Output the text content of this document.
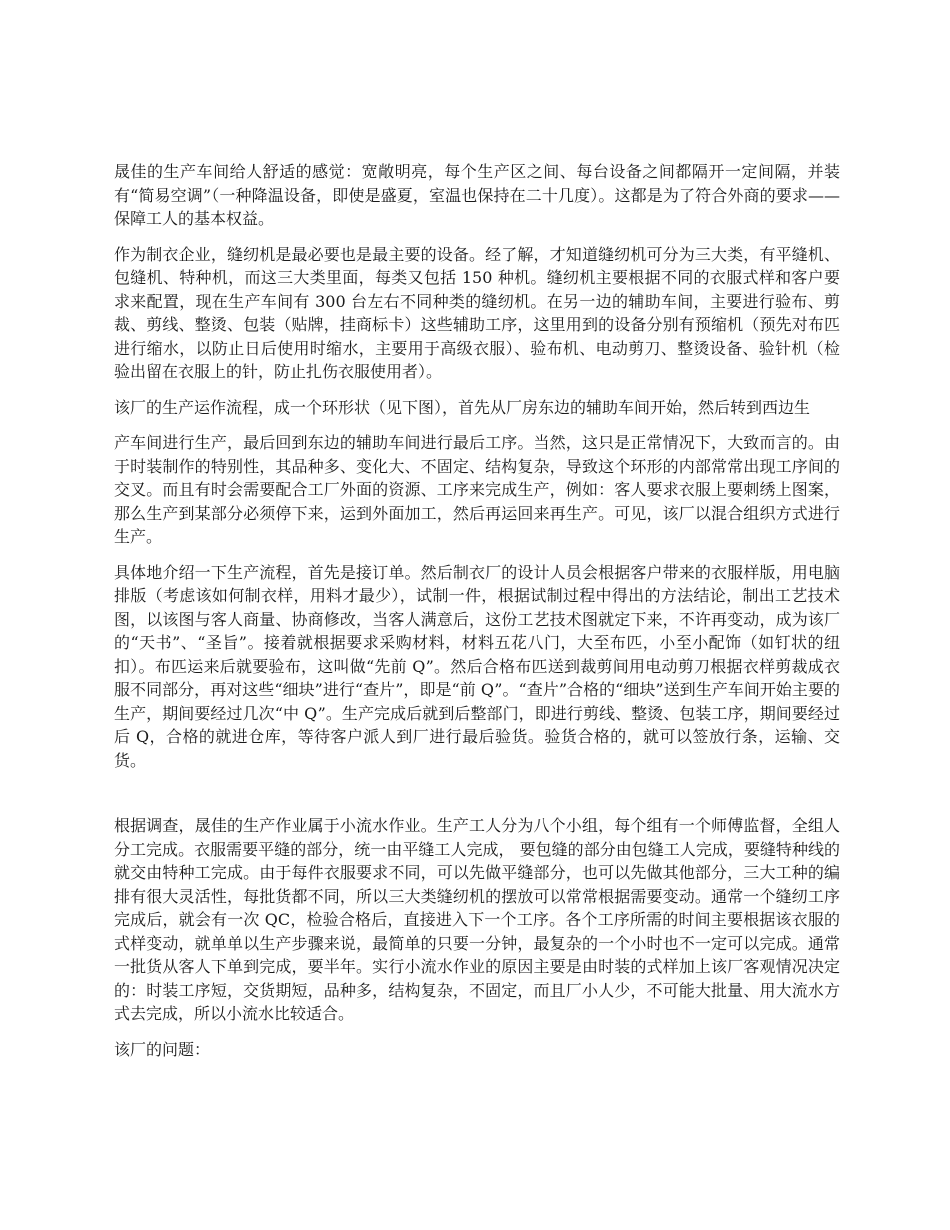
晟佳的生产车间给人舒适的感觉：宽敞明亮，每个生产区之间、每台设备之间都隔开一定间隔，并装有“简易空调”（一种降温设备，即使是盛夏，室温也保持在二十几度）。这都是为了符合外商的要求——保障工人的基本权益。

作为制衣企业，缝纫机是最必要也是最主要的设备。经了解，才知道缝纫机可分为三大类，有平缝机、包缝机、特种机，而这三大类里面，每类又包括 150 种机。缝纫机主要根据不同的衣服式样和客户要求来配置，现在生产车间有 300 台左右不同种类的缝纫机。在另一边的辅助车间，主要进行验布、剪裁、剪线、整烫、包装（贴牌，挂商标卡）这些辅助工序，这里用到的设备分别有预缩机（预先对布匹进行缩水，以防止日后使用时缩水，主要用于高级衣服）、验布机、电动剪刀、整烫设备、验针机（检验出留在衣服上的针，防止扎伤衣服使用者）。

该厂的生产运作流程，成一个环形状（见下图），首先从厂房东边的辅助车间开始，然后转到西边生

产车间进行生产，最后回到东边的辅助车间进行最后工序。当然，这只是正常情况下，大致而言的。由于时装制作的特别性，其品种多、变化大、不固定、结构复杂，导致这个环形的内部常常出现工序间的交叉。而且有时会需要配合工厂外面的资源、工序来完成生产，例如：客人要求衣服上要刺绣上图案，那么生产到某部分必须停下来，运到外面加工，然后再运回来再生产。可见，该厂以混合组织方式进行生产。

具体地介绍一下生产流程，首先是接订单。然后制衣厂的设计人员会根据客户带来的衣服样版，用电脑排版（考虑该如何制衣样，用料才最少），试制一件，根据试制过程中得出的方法结论，制出工艺技术图，以该图与客人商量、协商修改，当客人满意后，这份工艺技术图就定下来，不许再变动，成为该厂的“天书”、“圣旨”。接着就根据要求采购材料，材料五花八门，大至布匹，小至小配饰（如钉状的纽扣）。布匹运来后就要验布，这叫做“先前 Q”。然后合格布匹送到裁剪间用电动剪刀根据衣样剪裁成衣服不同部分，再对这些“细块”进行“查片”，即是“前 Q”。“查片”合格的“细块”送到生产车间开始主要的生产，期间要经过几次“中 Q”。生产完成后就到后整部门，即进行剪线、整烫、包装工序，期间要经过后 Q，合格的就进仓库，等待客户派人到厂进行最后验货。验货合格的，就可以签放行条，运输、交货。

根据调查，晟佳的生产作业属于小流水作业。生产工人分为八个小组，每个组有一个师傅监督，全组人分工完成。衣服需要平缝的部分，统一由平缝工人完成， 要包缝的部分由包缝工人完成，要缝特种线的就交由特种工完成。由于每件衣服要求不同，可以先做平缝部分，也可以先做其他部分，三大工种的编排有很大灵活性，每批货都不同，所以三大类缝纫机的摆放可以常常根据需要变动。通常一个缝纫工序完成后，就会有一次 QC，检验合格后，直接进入下一个工序。各个工序所需的时间主要根据该衣服的式样变动，就单单以生产步骤来说，最简单的只要一分钟，最复杂的一个小时也不一定可以完成。通常一批货从客人下单到完成，要半年。实行小流水作业的原因主要是由时装的式样加上该厂客观情况决定的：时装工序短，交货期短，品种多，结构复杂，不固定，而且厂小人少，不可能大批量、用大流水方式去完成，所以小流水比较适合。

该厂的问题：
